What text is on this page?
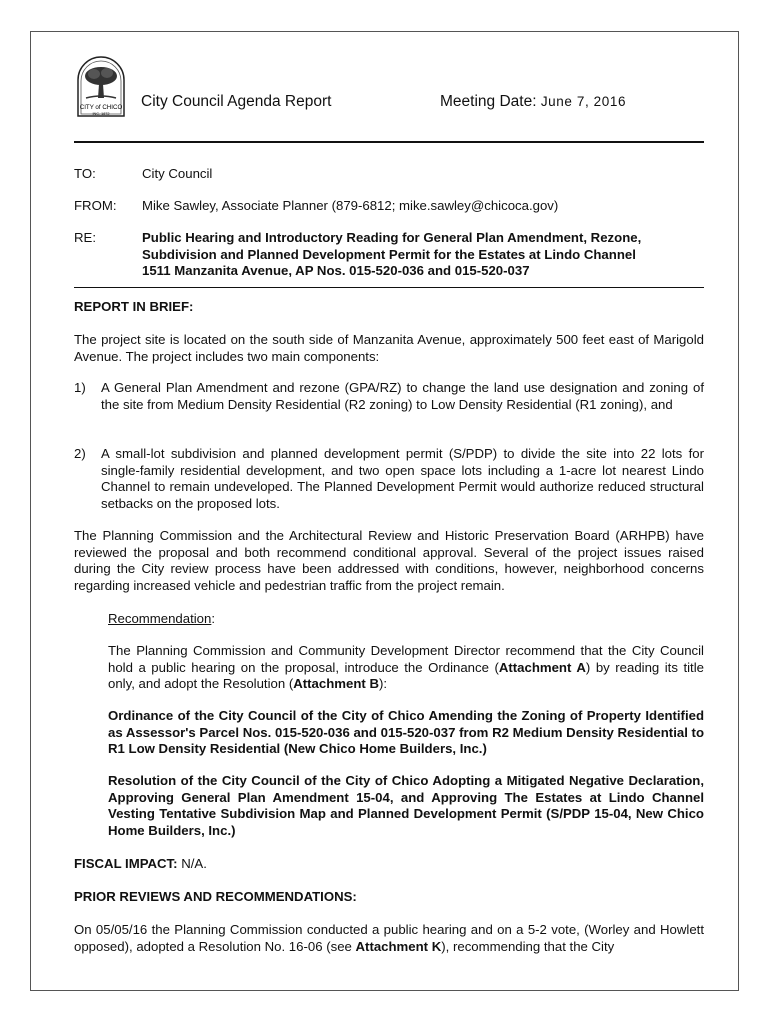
CITY of CHICO
INC. 1872
City Council Agenda Report	Meeting Date: June 7, 2016
TO:	City Council
FROM: Mike Sawley, Associate Planner (879-6812; mike.sawley@chicoca.gov)
RE:	Public Hearing and Introductory Reading for General Plan Amendment, Rezone,
Subdivision and Planned Development Permit for the Estates at Lindo Channel
1511 Manzanita Avenue, AP Nos. 015-520-036 and 015-520-037
REPORT IN BRIEF:

The project site is located on the south side of Manzanita Avenue, approximately 500 feet east of Marigold Avenue. The project includes two main components:

1) A General Plan Amendment and rezone (GPA/RZ) to change the land use designation and zoning of the site from Medium Density Residential (R2 zoning) to Low Density Residential (R1 zoning), and
2) A small-lot subdivision and planned development permit (S/PDP) to divide the site into 22 lots for single-family residential development, and two open space lots including a 1-acre lot nearest Lindo Channel to remain undeveloped. The Planned Development Permit would authorize reduced structural setbacks on the proposed lots.

The Planning Commission and the Architectural Review and Historic Preservation Board (ARHPB) have reviewed the proposal and both recommend conditional approval. Several of the project issues raised during the City review process have been addressed with conditions, however, neighborhood concerns regarding increased vehicle and pedestrian traffic from the project remain.

Recommendation:

The Planning Commission and Community Development Director recommend that the City Council hold a public hearing on the proposal, introduce the Ordinance (Attachment A) by reading its title only, and adopt the Resolution (Attachment B):

Ordinance of the City Council of the City of Chico Amending the Zoning of Property Identified as Assessor's Parcel Nos. 015-520-036 and 015-520-037 from R2 Medium Density Residential to R1 Low Density Residential (New Chico Home Builders, Inc.)

Resolution of the City Council of the City of Chico Adopting a Mitigated Negative Declaration, Approving General Plan Amendment 15-04, and Approving The Estates at Lindo Channel Vesting Tentative Subdivision Map and Planned Development Permit (S/PDP 15-04, New Chico Home Builders, Inc.)

FISCAL IMPACT: N/A.
PRIOR REVIEWS AND RECOMMENDATIONS:

On 05/05/16 the Planning Commission conducted a public hearing and on a 5-2 vote, (Worley and Howlett opposed), adopted a Resolution No. 16-06 (see Attachment K), recommending that the City
